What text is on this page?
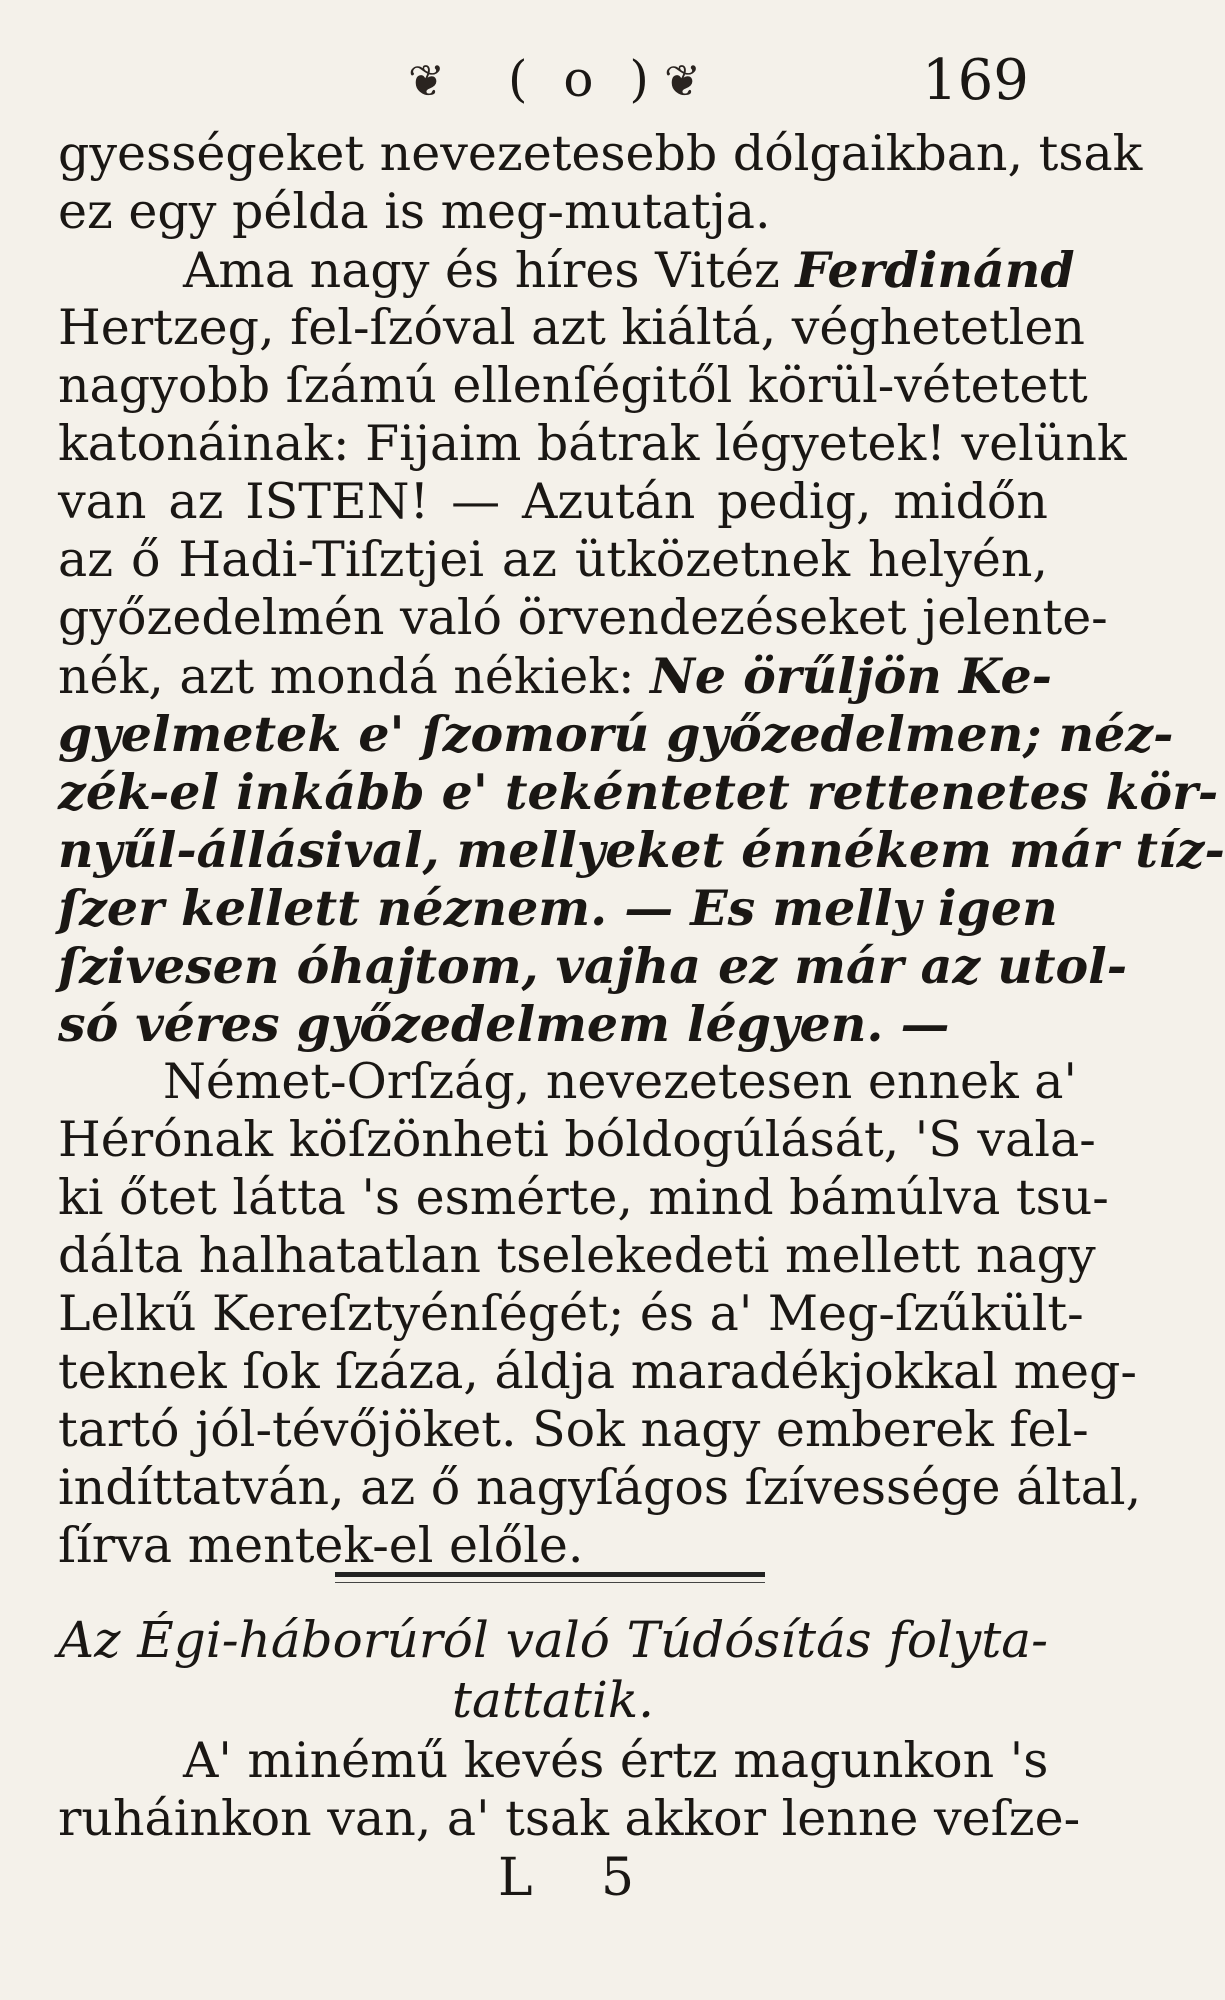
❦ ( o ) ❦	169
gyességeket nevezetesebb dólgaikban, tsak
ez egy példa is meg-mutatja.
Ama nagy és híres Vitéz Ferdinánd
Hertzeg, fel-ſzóval azt kiáltá, véghetetlen
nagyobb ſzámú ellenſégitől körül-vétetett
katonáinak: Fijaim bátrak légyetek! velünk
van az ISTEN! — Azután pedig, midőn
az ő Hadi-Tiſztjei az ütközetnek helyén,
győzedelmén való örvendezéseket jelente-
nék, azt mondá nékiek: Ne örűljön Ke-
gyelmetek e' ſzomorú győzedelmen; néz-
zék-el inkább e' tekéntetet rettenetes kör-
nyűl-állásival, mellyeket énnékem már tíz-
ſzer kellett néznem. — Es melly igen
ſzivesen óhajtom, vajha ez már az utol-
só véres győzedelmem légyen. —
Német-Orſzág, nevezetesen ennek a'
Hérónak köſzönheti bóldogúlását, 'S vala-
ki őtet látta 's esmérte, mind bámúlva tsu-
dálta halhatatlan tselekedeti mellett nagy
Lelkű Kereſztyénſégét; és a' Meg-ſzűkült-
teknek ſok ſzáza, áldja maradékjokkal meg-
tartó jól-tévőjöket. Sok nagy emberek fel-
indíttatván, az ő nagyſágos ſzívessége által,
ſírva mentek-el előle.
Az Égi-háborúról való Túdósítás folyta-
tattatik.
A' minémű kevés értz magunkon 's
ruháinkon van, a' tsak akkor lenne veſze-
L 5
